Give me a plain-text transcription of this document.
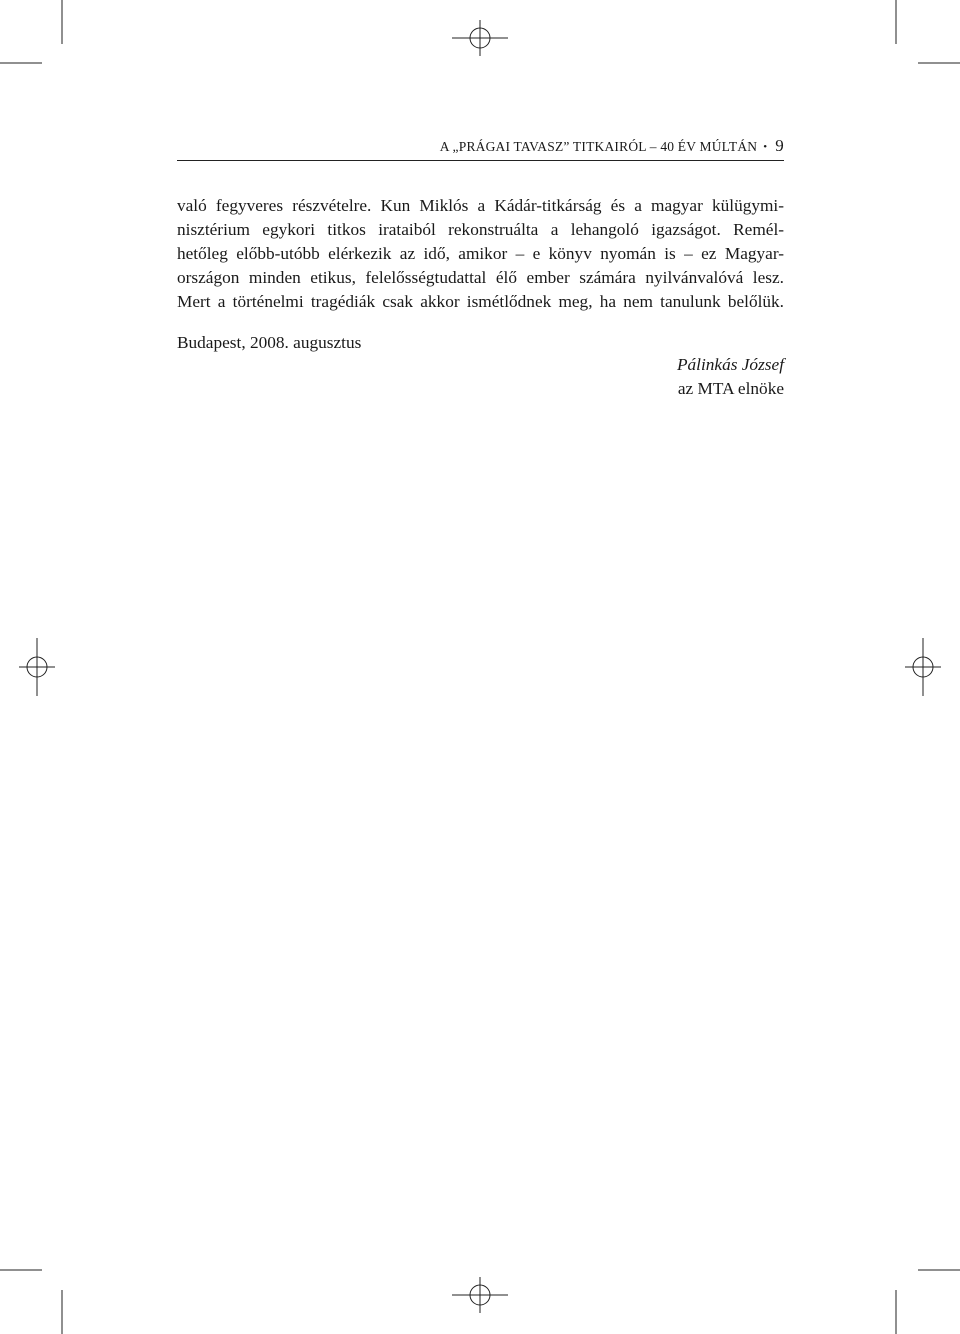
A „PRÁGAI TAVASZ” TITKAIRÓL – 40 ÉV MÚLTÁN • 9
való fegyveres részvételre. Kun Miklós a Kádár-titkárság és a magyar külügymi-
nisztérium egykori titkos irataiból rekonstruálta a lehangoló igazságot. Remél-
hetőleg előbb-utóbb elérkezik az idő, amikor – e könyv nyomán is – ez Magyar-
országon minden etikus, felelősségtudattal élő ember számára nyilvánvalóvá lesz.
Mert a történelmi tragédiák csak akkor ismétlődnek meg, ha nem tanulunk belőlük.
Budapest, 2008. augusztus
Pálinkás József
az MTA elnöke
